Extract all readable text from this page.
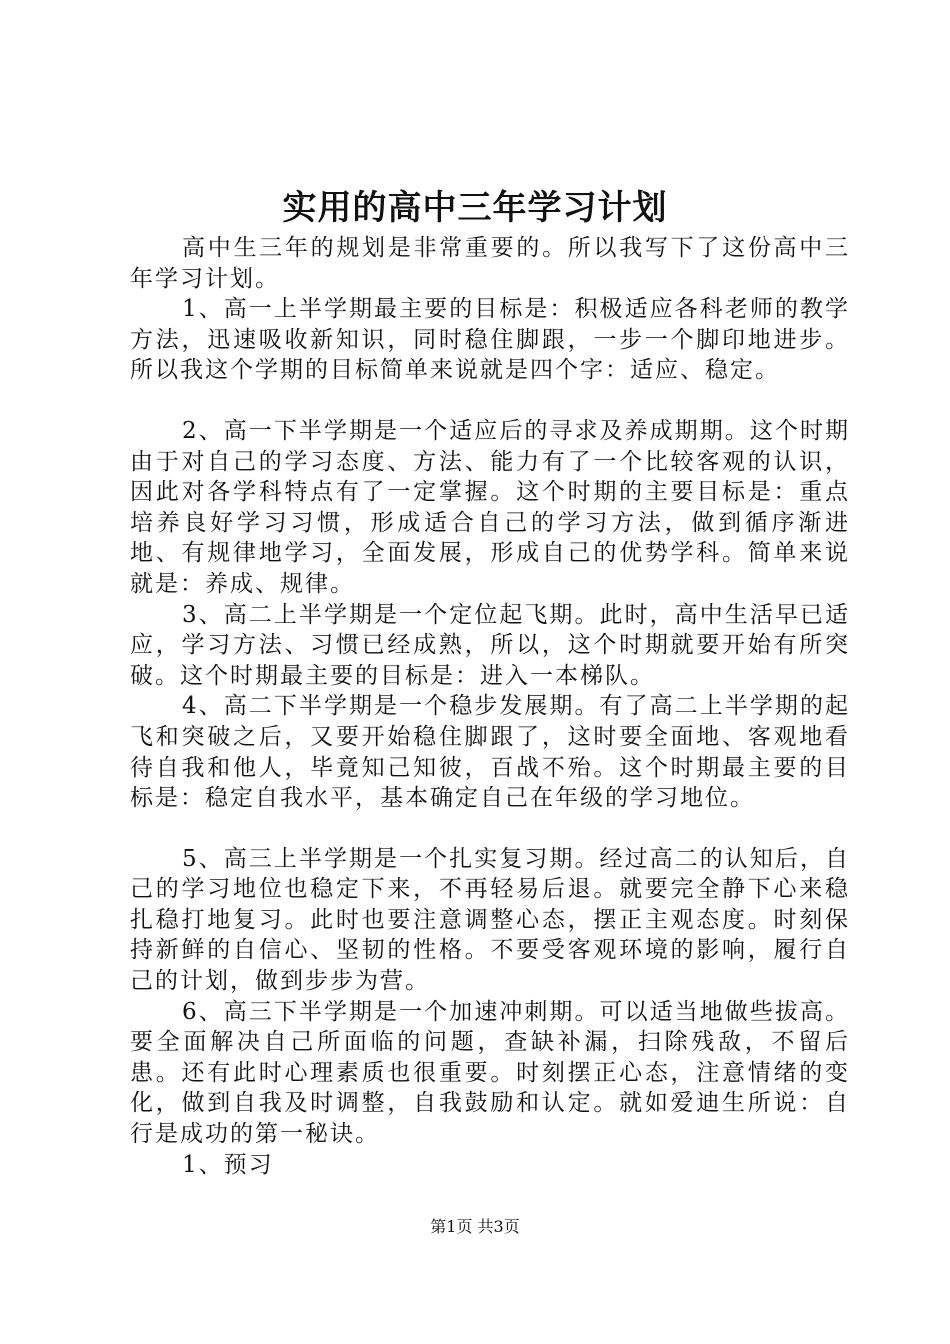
实用的高中三年学习计划

高中生三年的规划是非常重要的。所以我写下了这份高中三年学习计划。

1、高一上半学期最主要的目标是：积极适应各科老师的教学方法，迅速吸收新知识，同时稳住脚跟，一步一个脚印地进步。所以我这个学期的目标简单来说就是四个字：适应、稳定。

2、高一下半学期是一个适应后的寻求及养成期期。这个时期由于对自己的学习态度、方法、能力有了一个比较客观的认识，因此对各学科特点有了一定掌握。这个时期的主要目标是：重点培养良好学习习惯，形成适合自己的学习方法，做到循序渐进地、有规律地学习，全面发展，形成自己的优势学科。简单来说就是：养成、规律。

3、高二上半学期是一个定位起飞期。此时，高中生活早已适应，学习方法、习惯已经成熟，所以，这个时期就要开始有所突破。这个时期最主要的目标是：进入一本梯队。

4、高二下半学期是一个稳步发展期。有了高二上半学期的起飞和突破之后，又要开始稳住脚跟了，这时要全面地、客观地看待自我和他人，毕竟知己知彼，百战不殆。这个时期最主要的目标是：稳定自我水平，基本确定自己在年级的学习地位。

5、高三上半学期是一个扎实复习期。经过高二的认知后，自己的学习地位也稳定下来，不再轻易后退。就要完全静下心来稳扎稳打地复习。此时也要注意调整心态，摆正主观态度。时刻保持新鲜的自信心、坚韧的性格。不要受客观环境的影响，履行自己的计划，做到步步为营。

6、高三下半学期是一个加速冲刺期。可以适当地做些拔高。要全面解决自己所面临的问题，查缺补漏，扫除残敌，不留后患。还有此时心理素质也很重要。时刻摆正心态，注意情绪的变化，做到自我及时调整，自我鼓励和认定。就如爱迪生所说：自行是成功的第一秘诀。

1、预习

第1页 共3页
